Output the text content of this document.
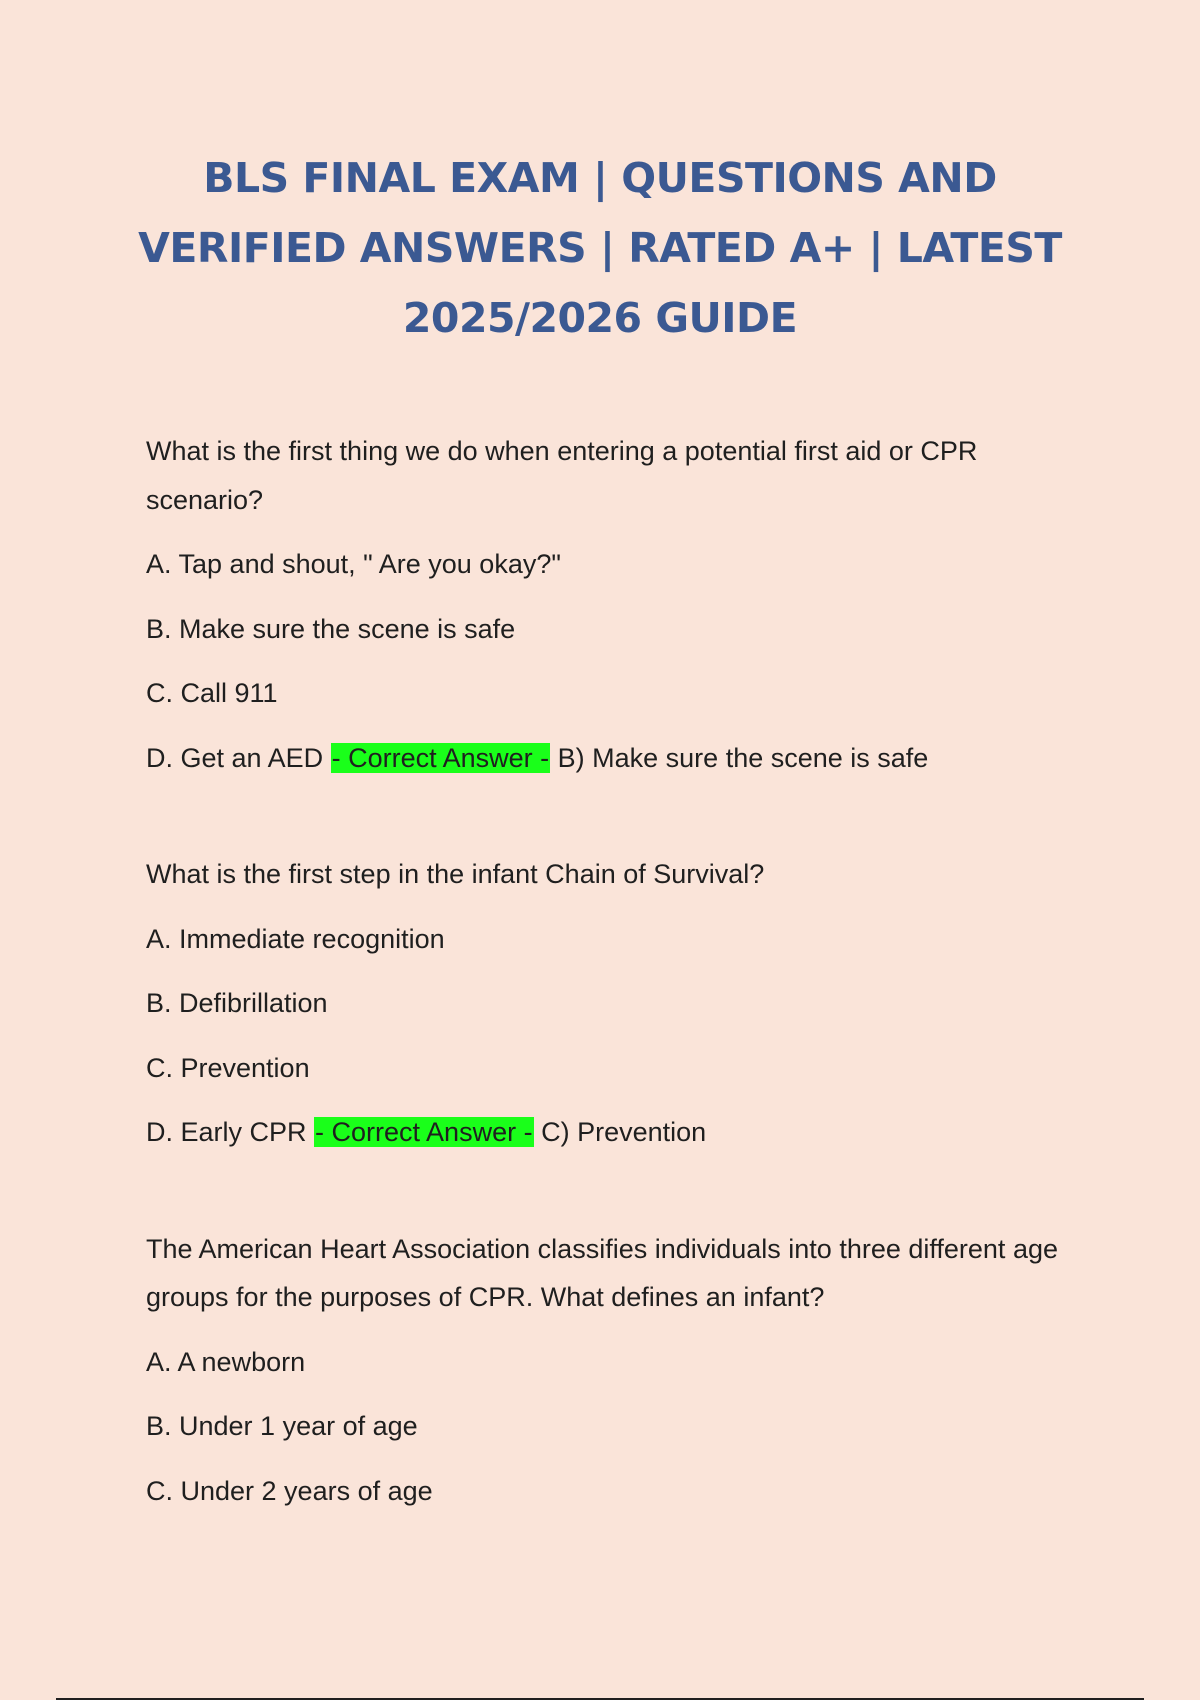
BLS FINAL EXAM | QUESTIONS AND
VERIFIED ANSWERS | RATED A+ | LATEST
2025/2026 GUIDE

What is the first thing we do when entering a potential first aid or CPR scenario?

A. Tap and shout, " Are you okay?"

B. Make sure the scene is safe

C. Call 911

D. Get an AED - Correct Answer - B) Make sure the scene is safe

What is the first step in the infant Chain of Survival?

A. Immediate recognition

B. Defibrillation

C. Prevention

D. Early CPR - Correct Answer - C) Prevention

The American Heart Association classifies individuals into three different age groups for the purposes of CPR. What defines an infant?

A. A newborn

B. Under 1 year of age

C. Under 2 years of age
